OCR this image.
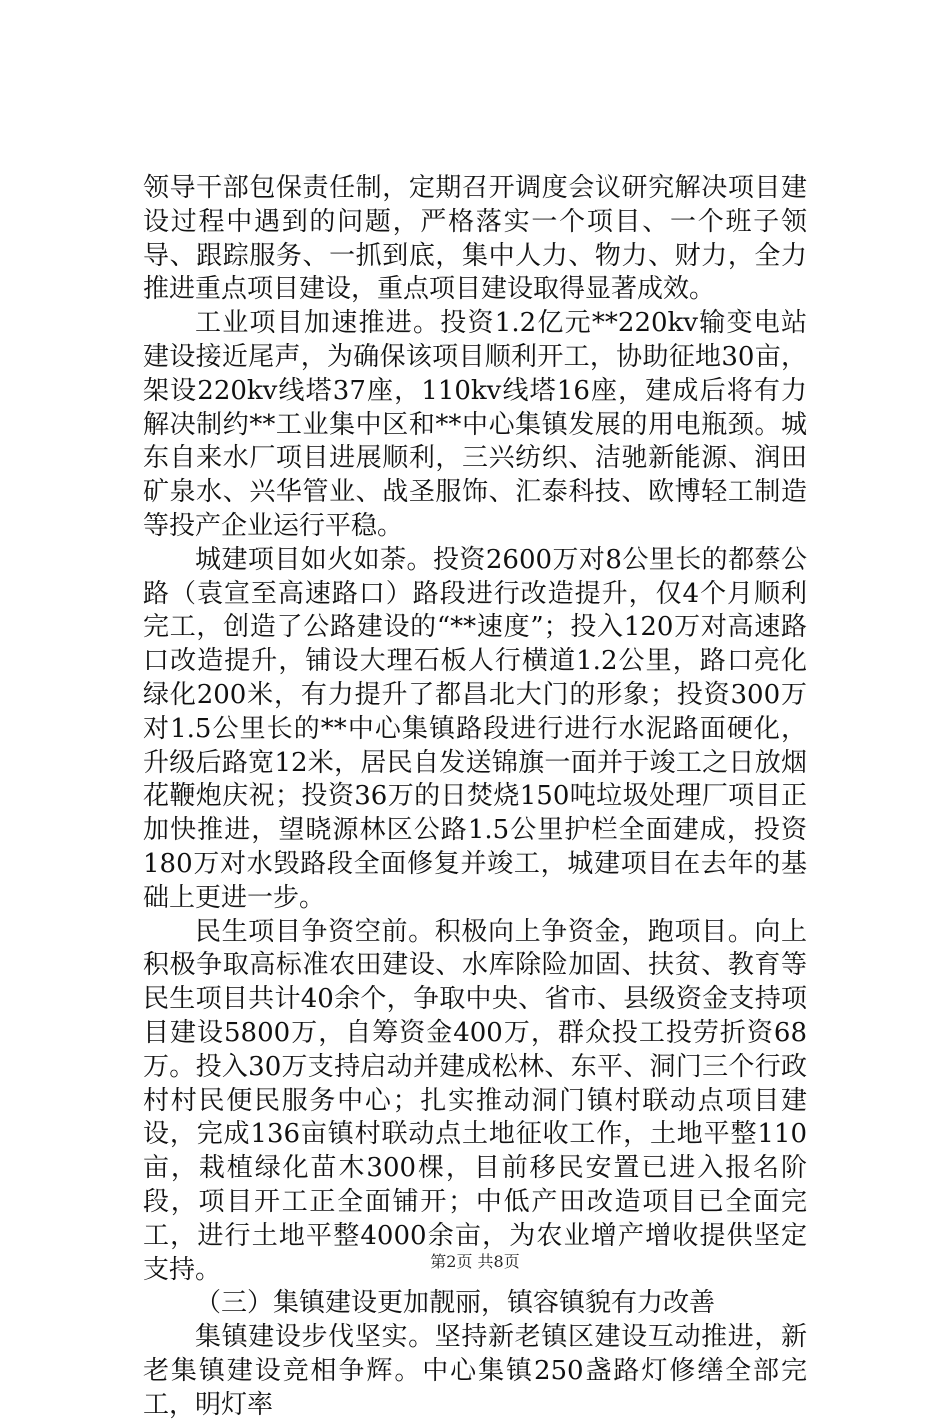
领导干部包保责任制，定期召开调度会议研究解决项目建设过程中遇到的问题，严格落实一个项目、一个班子领导、跟踪服务、一抓到底，集中人力、物力、财力，全力推进重点项目建设，重点项目建设取得显著成效。

工业项目加速推进。投资1.2亿元**220kv输变电站建设接近尾声，为确保该项目顺利开工，协助征地30亩，架设220kv线塔37座，110kv线塔16座，建成后将有力解决制约**工业集中区和**中心集镇发展的用电瓶颈。城东自来水厂项目进展顺利，三兴纺织、洁驰新能源、润田矿泉水、兴华管业、战圣服饰、汇泰科技、欧博轻工制造等投产企业运行平稳。

城建项目如火如荼。投资2600万对8公里长的都蔡公路（袁宣至高速路口）路段进行改造提升，仅4个月顺利完工，创造了公路建设的“**速度”；投入120万对高速路口改造提升，铺设大理石板人行横道1.2公里，路口亮化绿化200米，有力提升了都昌北大门的形象；投资300万对1.5公里长的**中心集镇路段进行进行水泥路面硬化，升级后路宽12米，居民自发送锦旗一面并于竣工之日放烟花鞭炮庆祝；投资36万的日焚烧150吨垃圾处理厂项目正加快推进，望晓源林区公路1.5公里护栏全面建成，投资180万对水毁路段全面修复并竣工，城建项目在去年的基础上更进一步。

民生项目争资空前。积极向上争资金，跑项目。向上积极争取高标准农田建设、水库除险加固、扶贫、教育等民生项目共计40余个，争取中央、省市、县级资金支持项目建设5800万，自筹资金400万，群众投工投劳折资68万。投入30万支持启动并建成松林、东平、洞门三个行政村村民便民服务中心；扎实推动洞门镇村联动点项目建设，完成136亩镇村联动点土地征收工作，土地平整110亩，栽植绿化苗木300棵，目前移民安置已进入报名阶段，项目开工正全面铺开；中低产田改造项目已全面完工，进行土地平整4000余亩，为农业增产增收提供坚定支持。

（三）集镇建设更加靓丽，镇容镇貌有力改善

集镇建设步伐坚实。坚持新老镇区建设互动推进，新老集镇建设竞相争辉。中心集镇250盏路灯修缮全部完工，明灯率

第2页 共8页
